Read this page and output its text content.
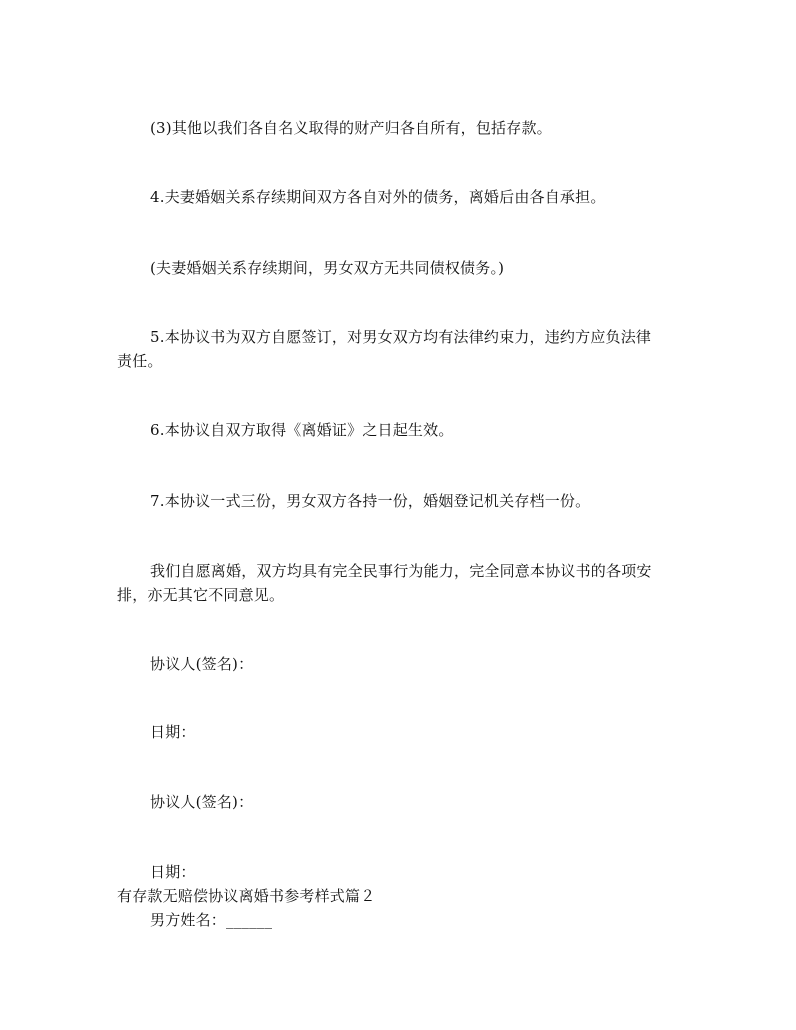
(3)其他以我们各自名义取得的财产归各自所有，包括存款。
4.夫妻婚姻关系存续期间双方各自对外的债务，离婚后由各自承担。
(夫妻婚姻关系存续期间，男女双方无共同债权债务。)
5.本协议书为双方自愿签订，对男女双方均有法律约束力，违约方应负法律
责任。
6.本协议自双方取得《离婚证》之日起生效。
7.本协议一式三份，男女双方各持一份，婚姻登记机关存档一份。
我们自愿离婚，双方均具有完全民事行为能力，完全同意本协议书的各项安
排，亦无其它不同意见。
协议人(签名)：
日期：
协议人(签名)：
日期：
有存款无赔偿协议离婚书参考样式篇２
男方姓名：______
